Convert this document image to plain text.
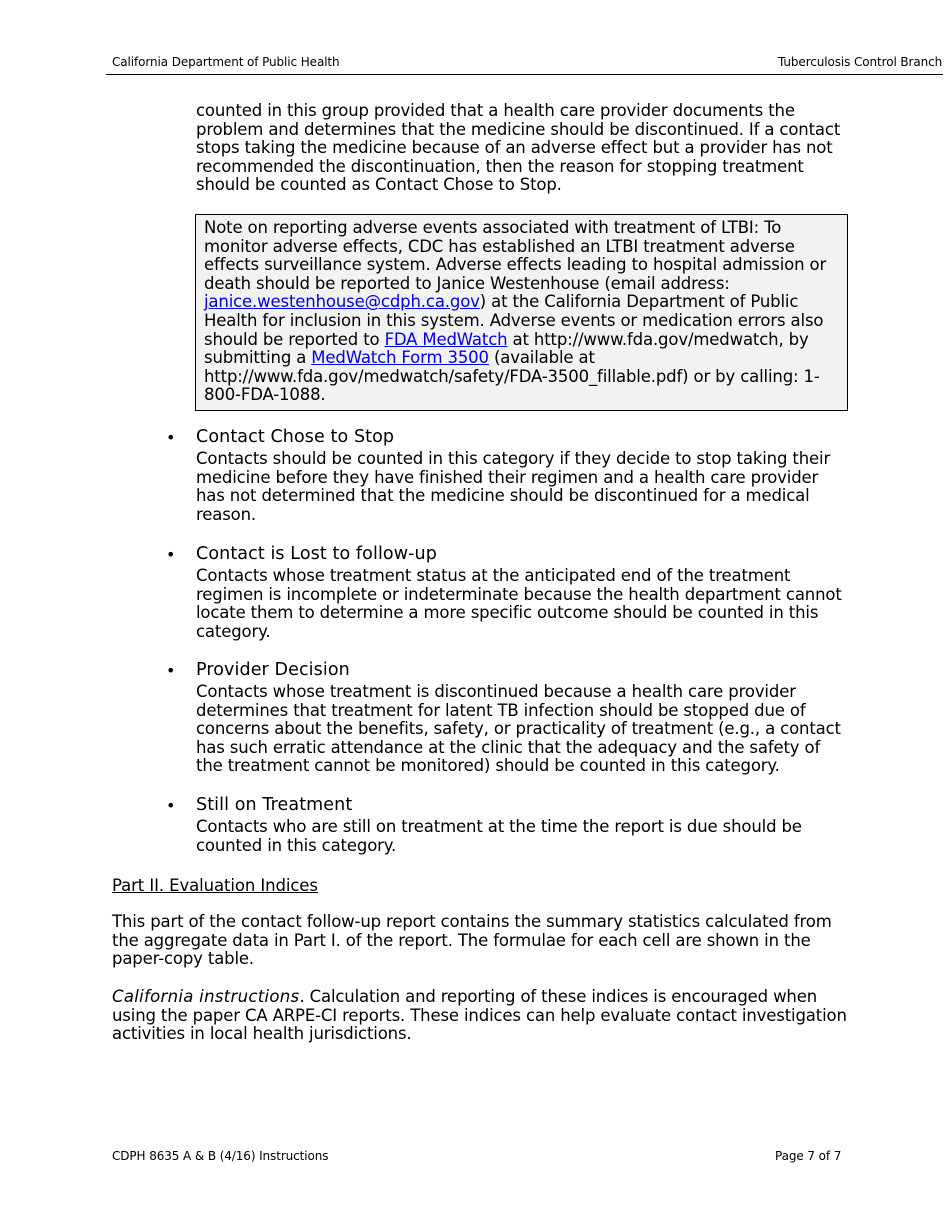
California Department of Public Health	Tuberculosis Control Branch
counted in this group provided that a health care provider documents the problem and determines that the medicine should be discontinued. If a contact stops taking the medicine because of an adverse effect but a provider has not recommended the discontinuation, then the reason for stopping treatment should be counted as Contact Chose to Stop.
Note on reporting adverse events associated with treatment of LTBI: To monitor adverse effects, CDC has established an LTBI treatment adverse effects surveillance system. Adverse effects leading to hospital admission or death should be reported to Janice Westenhouse (email address: janice.westenhouse@cdph.ca.gov) at the California Department of Public Health for inclusion in this system. Adverse events or medication errors also should be reported to FDA MedWatch at http://www.fda.gov/medwatch, by submitting a MedWatch Form 3500 (available at http://www.fda.gov/medwatch/safety/FDA-3500_fillable.pdf) or by calling: 1-800-FDA-1088.
• Contact Chose to Stop
Contacts should be counted in this category if they decide to stop taking their medicine before they have finished their regimen and a health care provider has not determined that the medicine should be discontinued for a medical reason.
• Contact is Lost to follow-up
Contacts whose treatment status at the anticipated end of the treatment regimen is incomplete or indeterminate because the health department cannot locate them to determine a more specific outcome should be counted in this category.
• Provider Decision
Contacts whose treatment is discontinued because a health care provider determines that treatment for latent TB infection should be stopped due of concerns about the benefits, safety, or practicality of treatment (e.g., a contact has such erratic attendance at the clinic that the adequacy and the safety of the treatment cannot be monitored) should be counted in this category.
• Still on Treatment
Contacts who are still on treatment at the time the report is due should be counted in this category.
Part II. Evaluation Indices
This part of the contact follow-up report contains the summary statistics calculated from the aggregate data in Part I. of the report. The formulae for each cell are shown in the paper-copy table.
California instructions. Calculation and reporting of these indices is encouraged when using the paper CA ARPE-CI reports. These indices can help evaluate contact investigation activities in local health jurisdictions.
CDPH 8635 A & B (4/16) Instructions	Page 7 of 7
